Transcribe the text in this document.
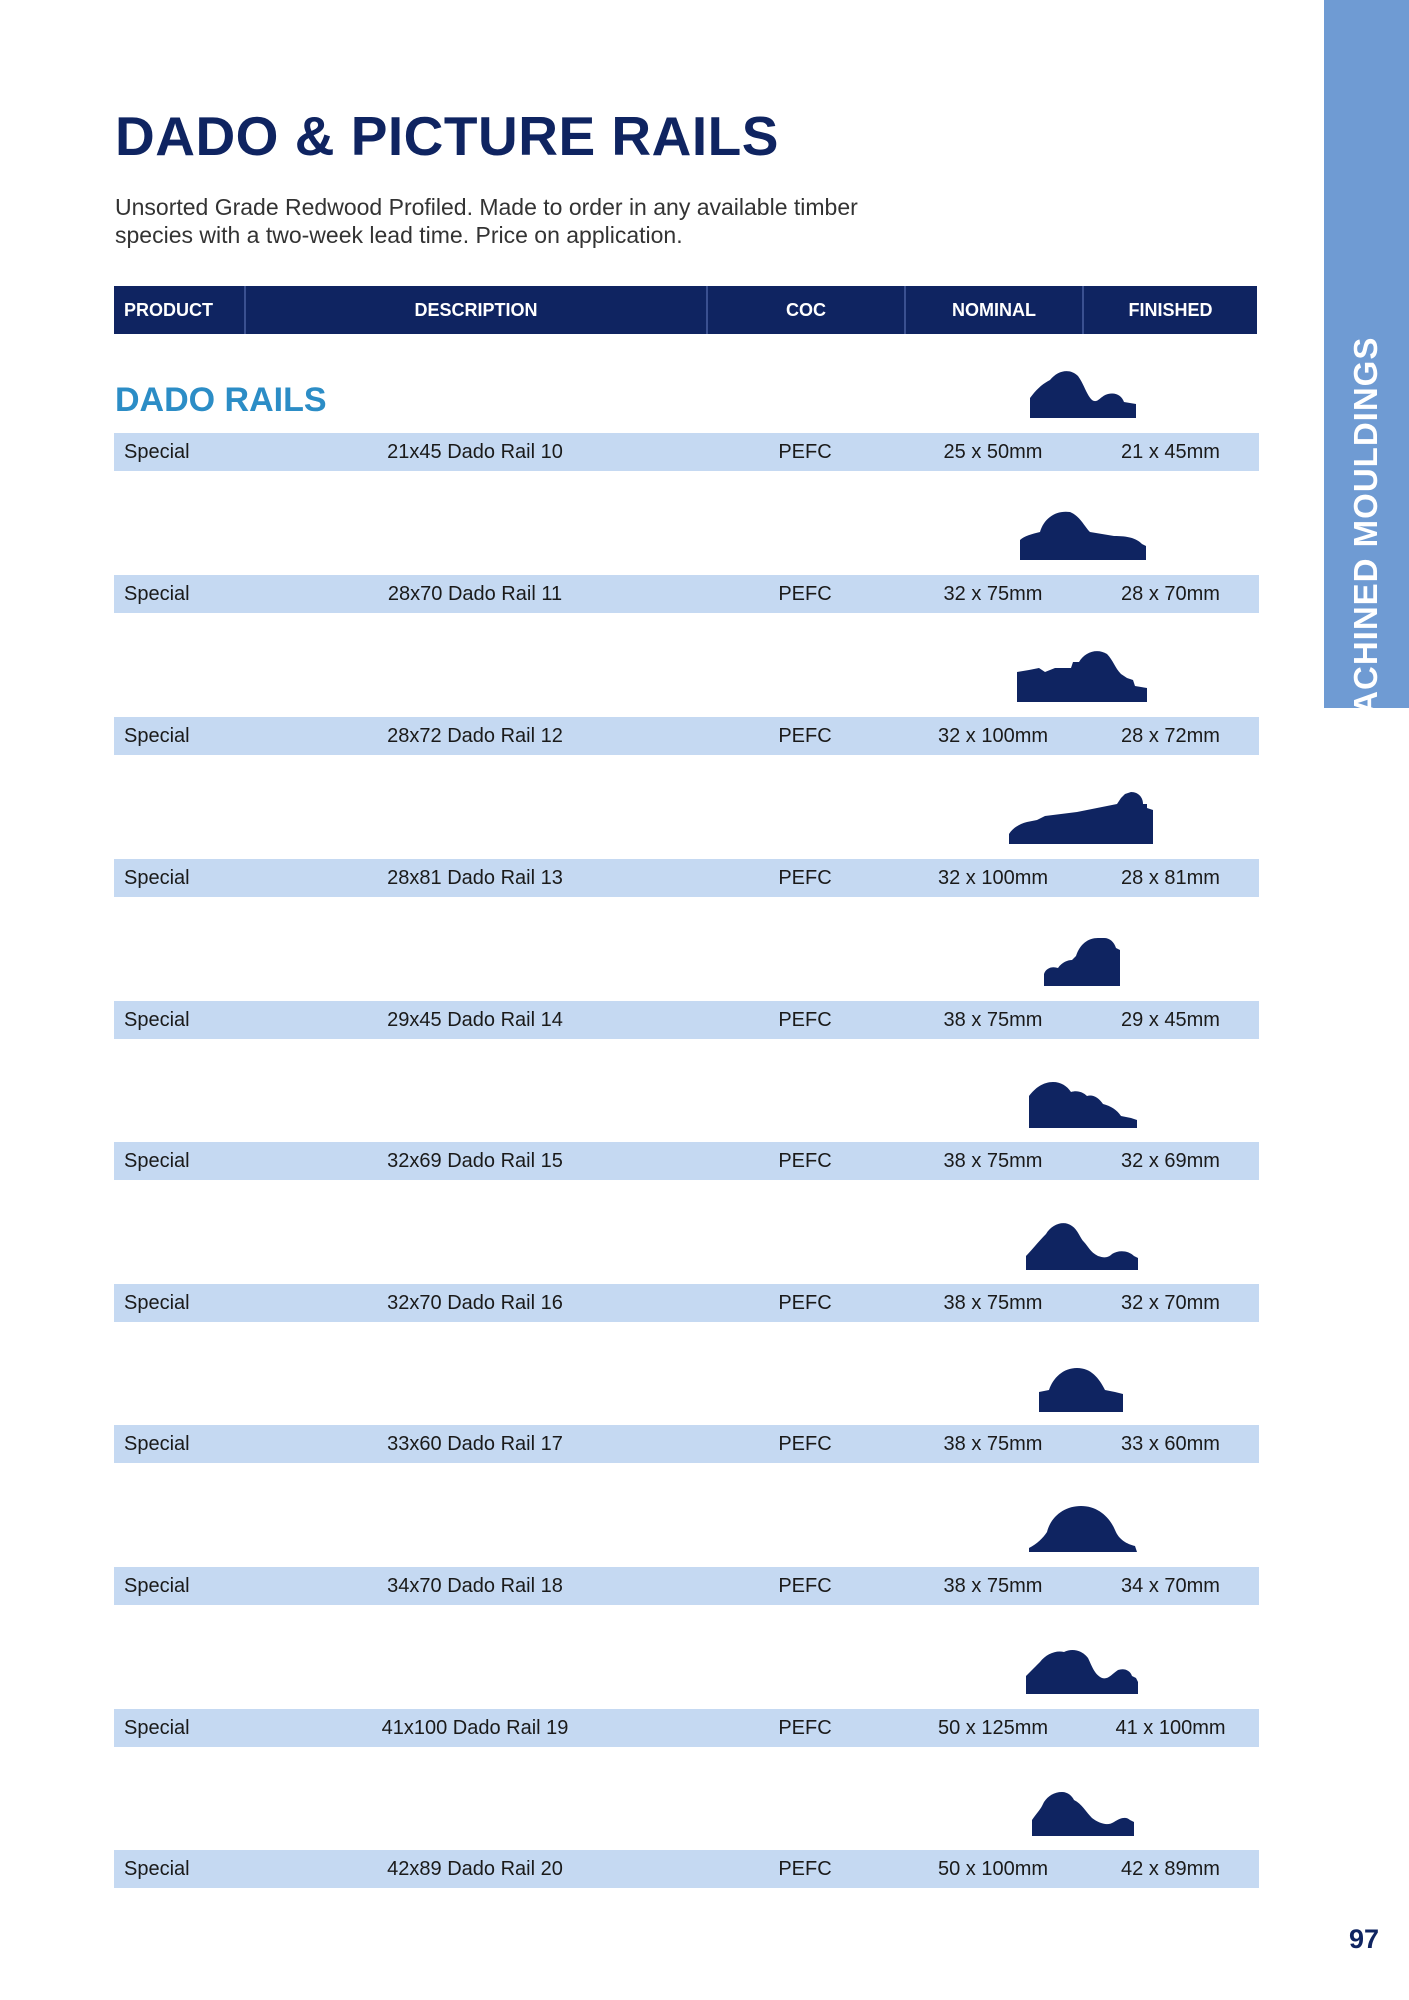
MACHINED MOULDINGS
DADO & PICTURE RAILS

Unsorted Grade Redwood Profiled. Made to order in any available timber species with a two-week lead time. Price on application.

PRODUCT	DESCRIPTION	COC	NOMINAL	FINISHED
DADO RAILS
Special	21x45 Dado Rail 10	PEFC	25 x 50mm	21 x 45mm
Special	28x70 Dado Rail 11	PEFC	32 x 75mm	28 x 70mm
Special	28x72 Dado Rail 12	PEFC	32 x 100mm	28 x 72mm
Special	28x81 Dado Rail 13	PEFC	32 x 100mm	28 x 81mm
Special	29x45 Dado Rail 14	PEFC	38 x 75mm	29 x 45mm
Special	32x69 Dado Rail 15	PEFC	38 x 75mm	32 x 69mm
Special	32x70 Dado Rail 16	PEFC	38 x 75mm	32 x 70mm
Special	33x60 Dado Rail 17	PEFC	38 x 75mm	33 x 60mm
Special	34x70 Dado Rail 18	PEFC	38 x 75mm	34 x 70mm
Special	41x100 Dado Rail 19	PEFC	50 x 125mm	41 x 100mm
Special	42x89 Dado Rail 20	PEFC	50 x 100mm	42 x 89mm
97
